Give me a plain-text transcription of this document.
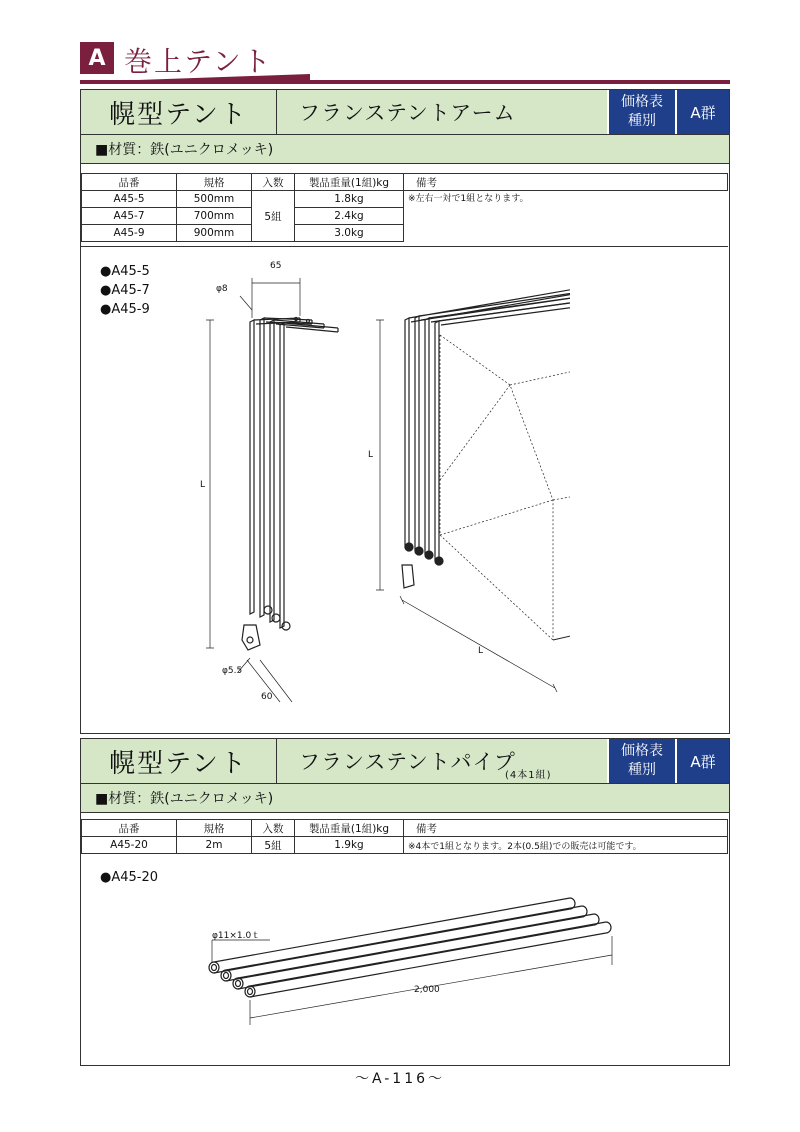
A 巻上テント
幌型テント	フランステントアーム	価格表
種別	A群
■材質：鉄(ユニクロメッキ)
品番	規格	入数	製品重量(1組)kg	備考
A45-5	500mm	5組	1.8kg	※左右一対で1組となります。
A45-7	700mm		2.4kg	
A45-9	900mm		3.0kg	
●A45-5
●A45-7
●A45-9
65
φ8
L
φ5.5
60
L
L
幌型テント	フランステントパイプ
(4本1組)
価格表
種別	A群
■材質：鉄(ユニクロメッキ)
品番	規格	入数	製品重量(1組)kg	備考
A45-20	2m	5組	1.9kg	※4本で1組となります。2本(0.5組)での販売は可能です。
●A45-20
φ11×1.0ｔ
2,000
～A-116～
